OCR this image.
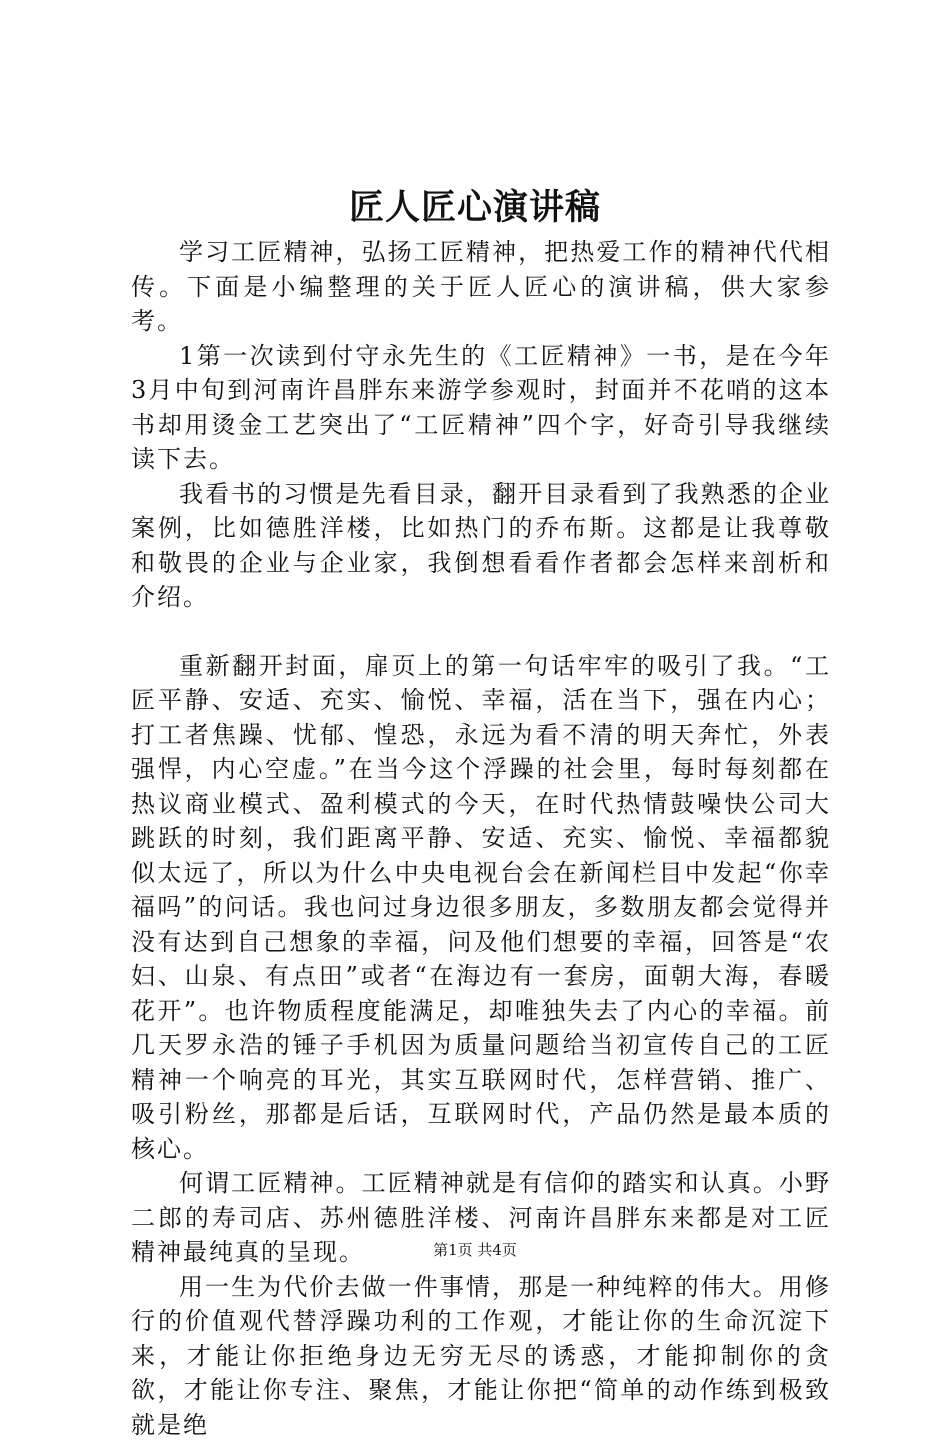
匠人匠心演讲稿

学习工匠精神，弘扬工匠精神，把热爱工作的精神代代相传。下面是小编整理的关于匠人匠心的演讲稿，供大家参考。

1第一次读到付守永先生的《工匠精神》一书，是在今年3月中旬到河南许昌胖东来游学参观时，封面并不花哨的这本书却用烫金工艺突出了“工匠精神”四个字，好奇引导我继续读下去。

我看书的习惯是先看目录，翻开目录看到了我熟悉的企业案例，比如德胜洋楼，比如热门的乔布斯。这都是让我尊敬和敬畏的企业与企业家，我倒想看看作者都会怎样来剖析和介绍。

重新翻开封面，扉页上的第一句话牢牢的吸引了我。“工匠平静、安适、充实、愉悦、幸福，活在当下，强在内心；打工者焦躁、忧郁、惶恐，永远为看不清的明天奔忙，外表强悍，内心空虚。”在当今这个浮躁的社会里，每时每刻都在热议商业模式、盈利模式的今天，在时代热情鼓噪快公司大跳跃的时刻，我们距离平静、安适、充实、愉悦、幸福都貌似太远了，所以为什么中央电视台会在新闻栏目中发起“你幸福吗”的问话。我也问过身边很多朋友，多数朋友都会觉得并没有达到自己想象的幸福，问及他们想要的幸福，回答是“农妇、山泉、有点田”或者“在海边有一套房，面朝大海，春暖花开”。也许物质程度能满足，却唯独失去了内心的幸福。前几天罗永浩的锤子手机因为质量问题给当初宣传自己的工匠精神一个响亮的耳光，其实互联网时代，怎样营销、推广、吸引粉丝，那都是后话，互联网时代，产品仍然是最本质的核心。

何谓工匠精神。工匠精神就是有信仰的踏实和认真。小野二郎的寿司店、苏州德胜洋楼、河南许昌胖东来都是对工匠精神最纯真的呈现。

用一生为代价去做一件事情，那是一种纯粹的伟大。用修行的价值观代替浮躁功利的工作观，才能让你的生命沉淀下来，才能让你拒绝身边无穷无尽的诱惑，才能抑制你的贪欲，才能让你专注、聚焦，才能让你把“简单的动作练到极致就是绝

第1页 共4页
